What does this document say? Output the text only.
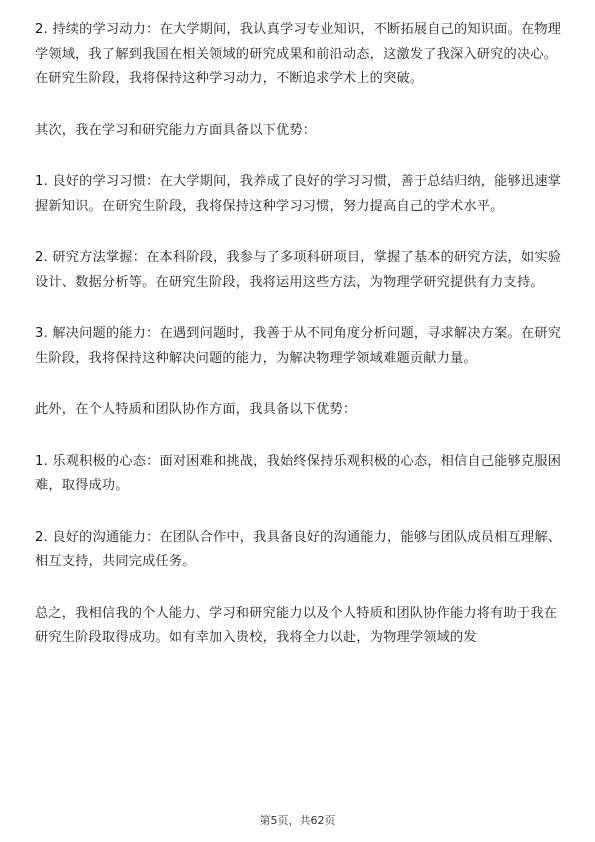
2. 持续的学习动力：在大学期间，我认真学习专业知识，不断拓展自己的知识面。在物理学领域，我了解到我国在相关领域的研究成果和前沿动态，这激发了我深入研究的决心。在研究生阶段，我将保持这种学习动力，不断追求学术上的突破。

其次，我在学习和研究能力方面具备以下优势：

1. 良好的学习习惯：在大学期间，我养成了良好的学习习惯，善于总结归纳，能够迅速掌握新知识。在研究生阶段，我将保持这种学习习惯，努力提高自己的学术水平。

2. 研究方法掌握：在本科阶段，我参与了多项科研项目，掌握了基本的研究方法，如实验设计、数据分析等。在研究生阶段，我将运用这些方法，为物理学研究提供有力支持。

3. 解决问题的能力：在遇到问题时，我善于从不同角度分析问题，寻求解决方案。在研究生阶段，我将保持这种解决问题的能力，为解决物理学领域难题贡献力量。

此外，在个人特质和团队协作方面，我具备以下优势：

1. 乐观积极的心态：面对困难和挑战，我始终保持乐观积极的心态，相信自己能够克服困难，取得成功。

2. 良好的沟通能力：在团队合作中，我具备良好的沟通能力，能够与团队成员相互理解、相互支持，共同完成任务。

总之，我相信我的个人能力、学习和研究能力以及个人特质和团队协作能力将有助于我在研究生阶段取得成功。如有幸加入贵校，我将全力以赴，为物理学领域的发

第5页，共62页
